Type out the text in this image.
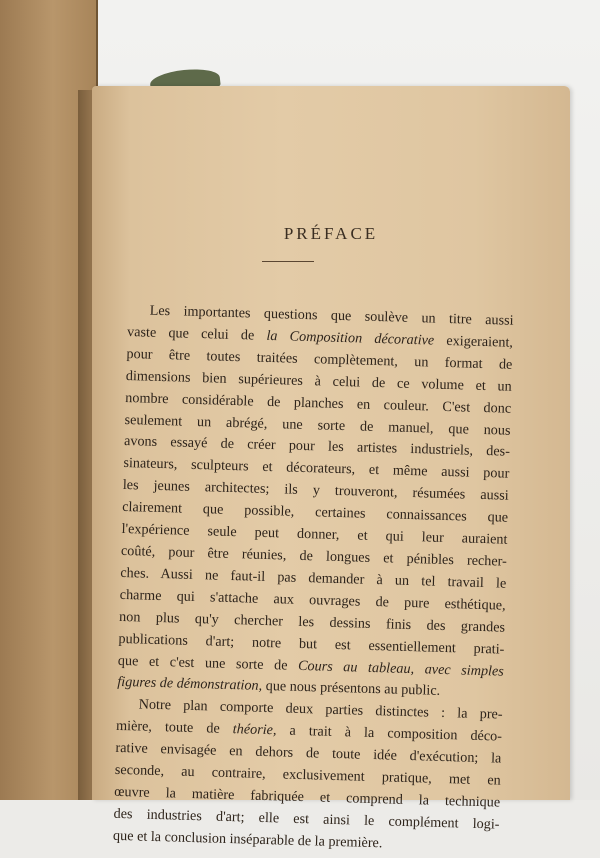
PRÉFACE
Les importantes questions que soulève un titre aussi
vaste que celui de la Composition décorative exigeraient,
pour être toutes traitées complètement, un format de
dimensions bien supérieures à celui de ce volume et un
nombre considérable de planches en couleur. C'est donc
seulement un abrégé, une sorte de manuel, que nous
avons essayé de créer pour les artistes industriels, des-
sinateurs, sculpteurs et décorateurs, et même aussi pour
les jeunes architectes; ils y trouveront, résumées aussi
clairement que possible, certaines connaissances que
l'expérience seule peut donner, et qui leur auraient
coûté, pour être réunies, de longues et pénibles recher-
ches. Aussi ne faut-il pas demander à un tel travail le
charme qui s'attache aux ouvrages de pure esthétique,
non plus qu'y chercher les dessins finis des grandes
publications d'art; notre but est essentiellement prati-
que et c'est une sorte de Cours au tableau, avec simples
figures de démonstration, que nous présentons au public.
Notre plan comporte deux parties distinctes : la pre-
mière, toute de théorie, a trait à la composition déco-
rative envisagée en dehors de toute idée d'exécution; la
seconde, au contraire, exclusivement pratique, met en
œuvre la matière fabriquée et comprend la technique
des industries d'art; elle est ainsi le complément logi-
que et la conclusion inséparable de la première.
